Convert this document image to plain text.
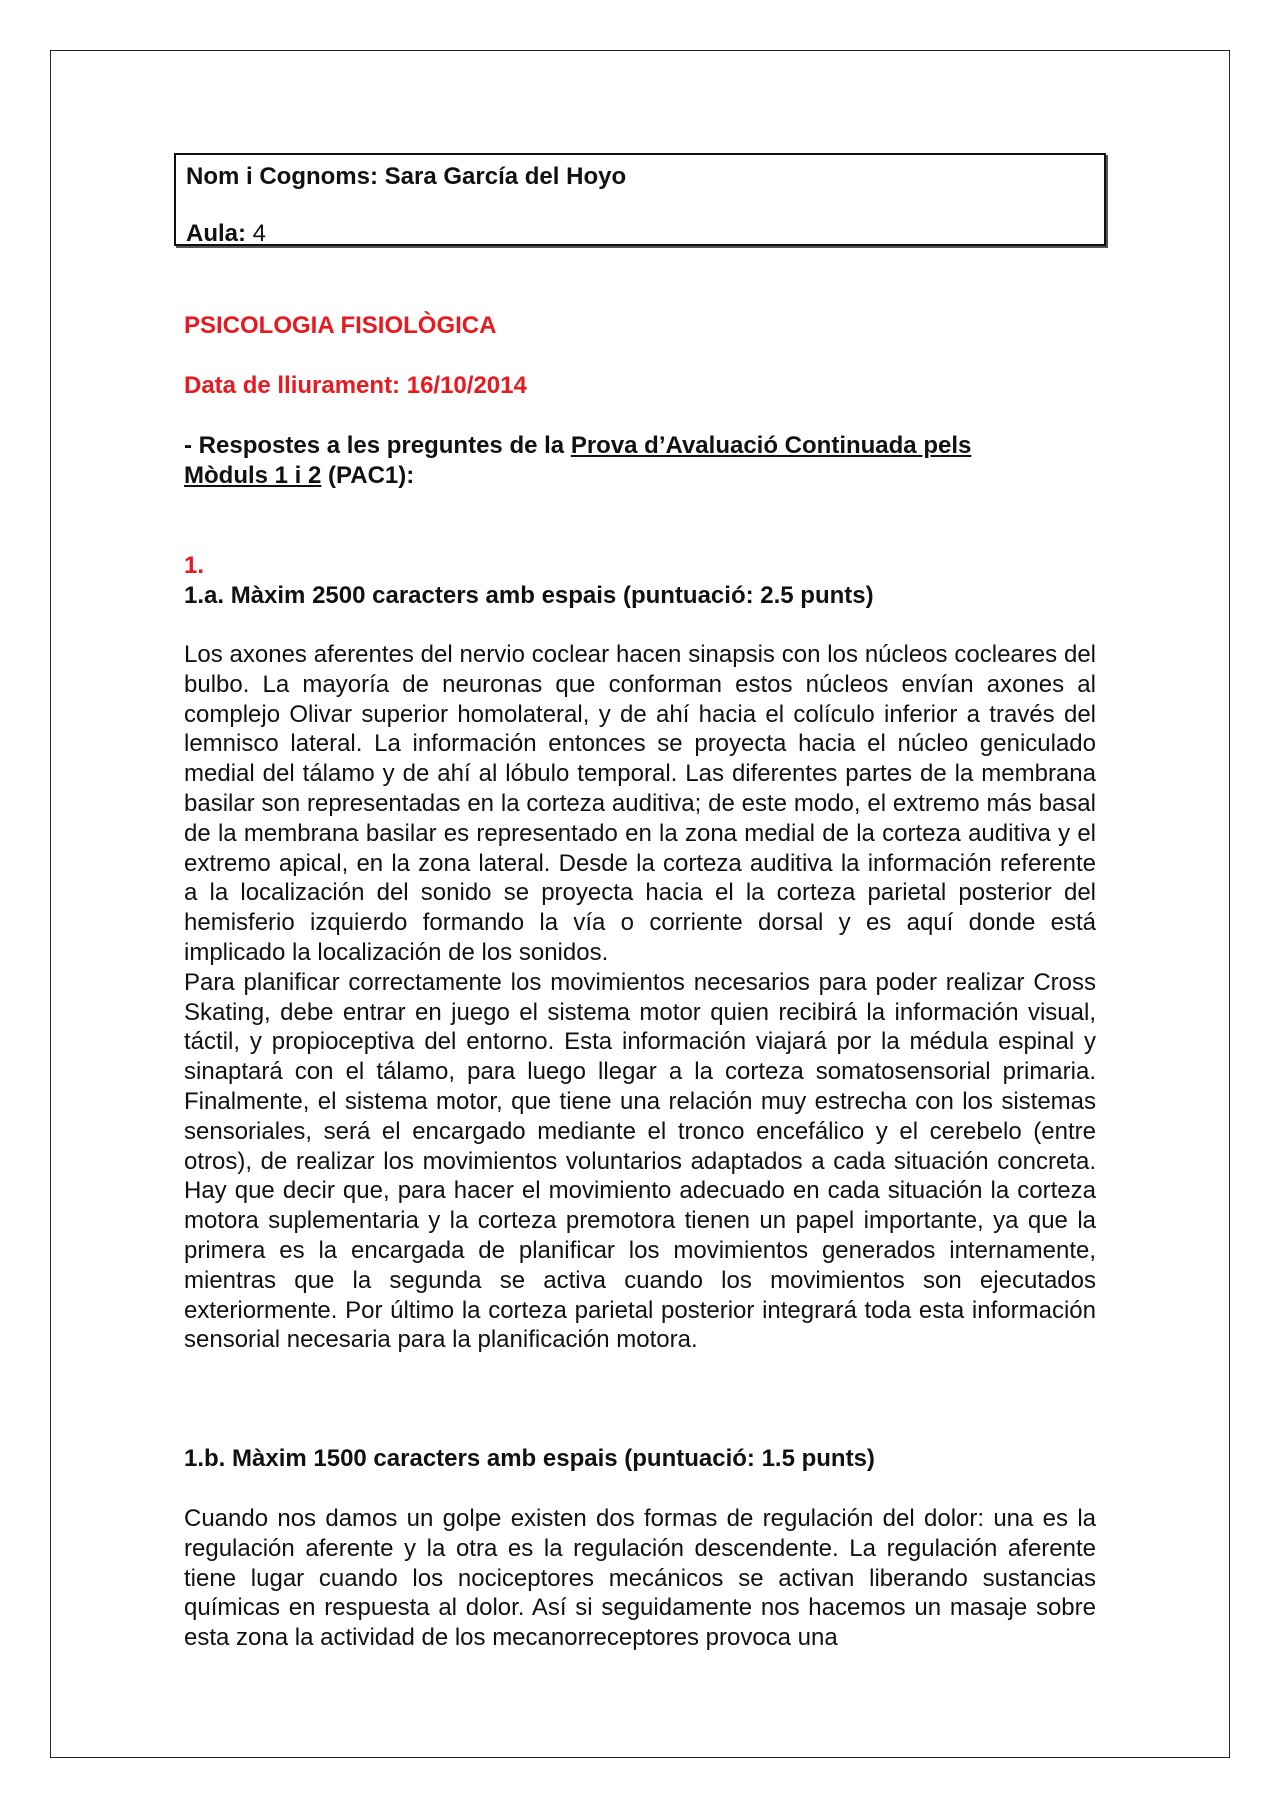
Nom i Cognoms: Sara García del Hoyo
Aula: 4
PSICOLOGIA FISIOLÒGICA
Data de lliurament: 16/10/2014
- Respostes a les preguntes de la Prova d’Avaluació Continuada pels
Mòduls 1 i 2 (PAC1):
1.
1.a. Màxim 2500 caracters amb espais (puntuació: 2.5 punts)

Los axones aferentes del nervio coclear hacen sinapsis con los núcleos cocleares del bulbo. La mayoría de neuronas que conforman estos núcleos envían axones al complejo Olivar superior homolateral, y de ahí hacia el colículo inferior a través del lemnisco lateral. La información entonces se proyecta hacia el núcleo geniculado medial del tálamo y de ahí al lóbulo temporal. Las diferentes partes de la membrana basilar son representadas en la corteza auditiva; de este modo, el extremo más basal de la membrana basilar es representado en la zona medial de la corteza auditiva y el extremo apical, en la zona lateral. Desde la corteza auditiva la información referente a la localización del sonido se proyecta hacia el la corteza parietal posterior del hemisferio izquierdo formando la vía o corriente dorsal y es aquí donde está implicado la localización de los sonidos.

Para planificar correctamente los movimientos necesarios para poder realizar Cross Skating, debe entrar en juego el sistema motor quien recibirá la información visual, táctil, y propioceptiva del entorno. Esta información viajará por la médula espinal y sinaptará con el tálamo, para luego llegar a la corteza somatosensorial primaria. Finalmente, el sistema motor, que tiene una relación muy estrecha con los sistemas sensoriales, será el encargado mediante el tronco encefálico y el cerebelo (entre otros), de realizar los movimientos voluntarios adaptados a cada situación concreta. Hay que decir que, para hacer el movimiento adecuado en cada situación la corteza motora suplementaria y la corteza premotora tienen un papel importante, ya que la primera es la encargada de planificar los movimientos generados internamente, mientras que la segunda se activa cuando los movimientos son ejecutados exteriormente. Por último la corteza parietal posterior integrará toda esta información sensorial necesaria para la planificación motora.

1.b. Màxim 1500 caracters amb espais (puntuació: 1.5 punts)

Cuando nos damos un golpe existen dos formas de regulación del dolor: una es la regulación aferente y la otra es la regulación descendente. La regulación aferente tiene lugar cuando los nociceptores mecánicos se activan liberando sustancias químicas en respuesta al dolor. Así si seguidamente nos hacemos un masaje sobre esta zona la actividad de los mecanorreceptores provoca una
